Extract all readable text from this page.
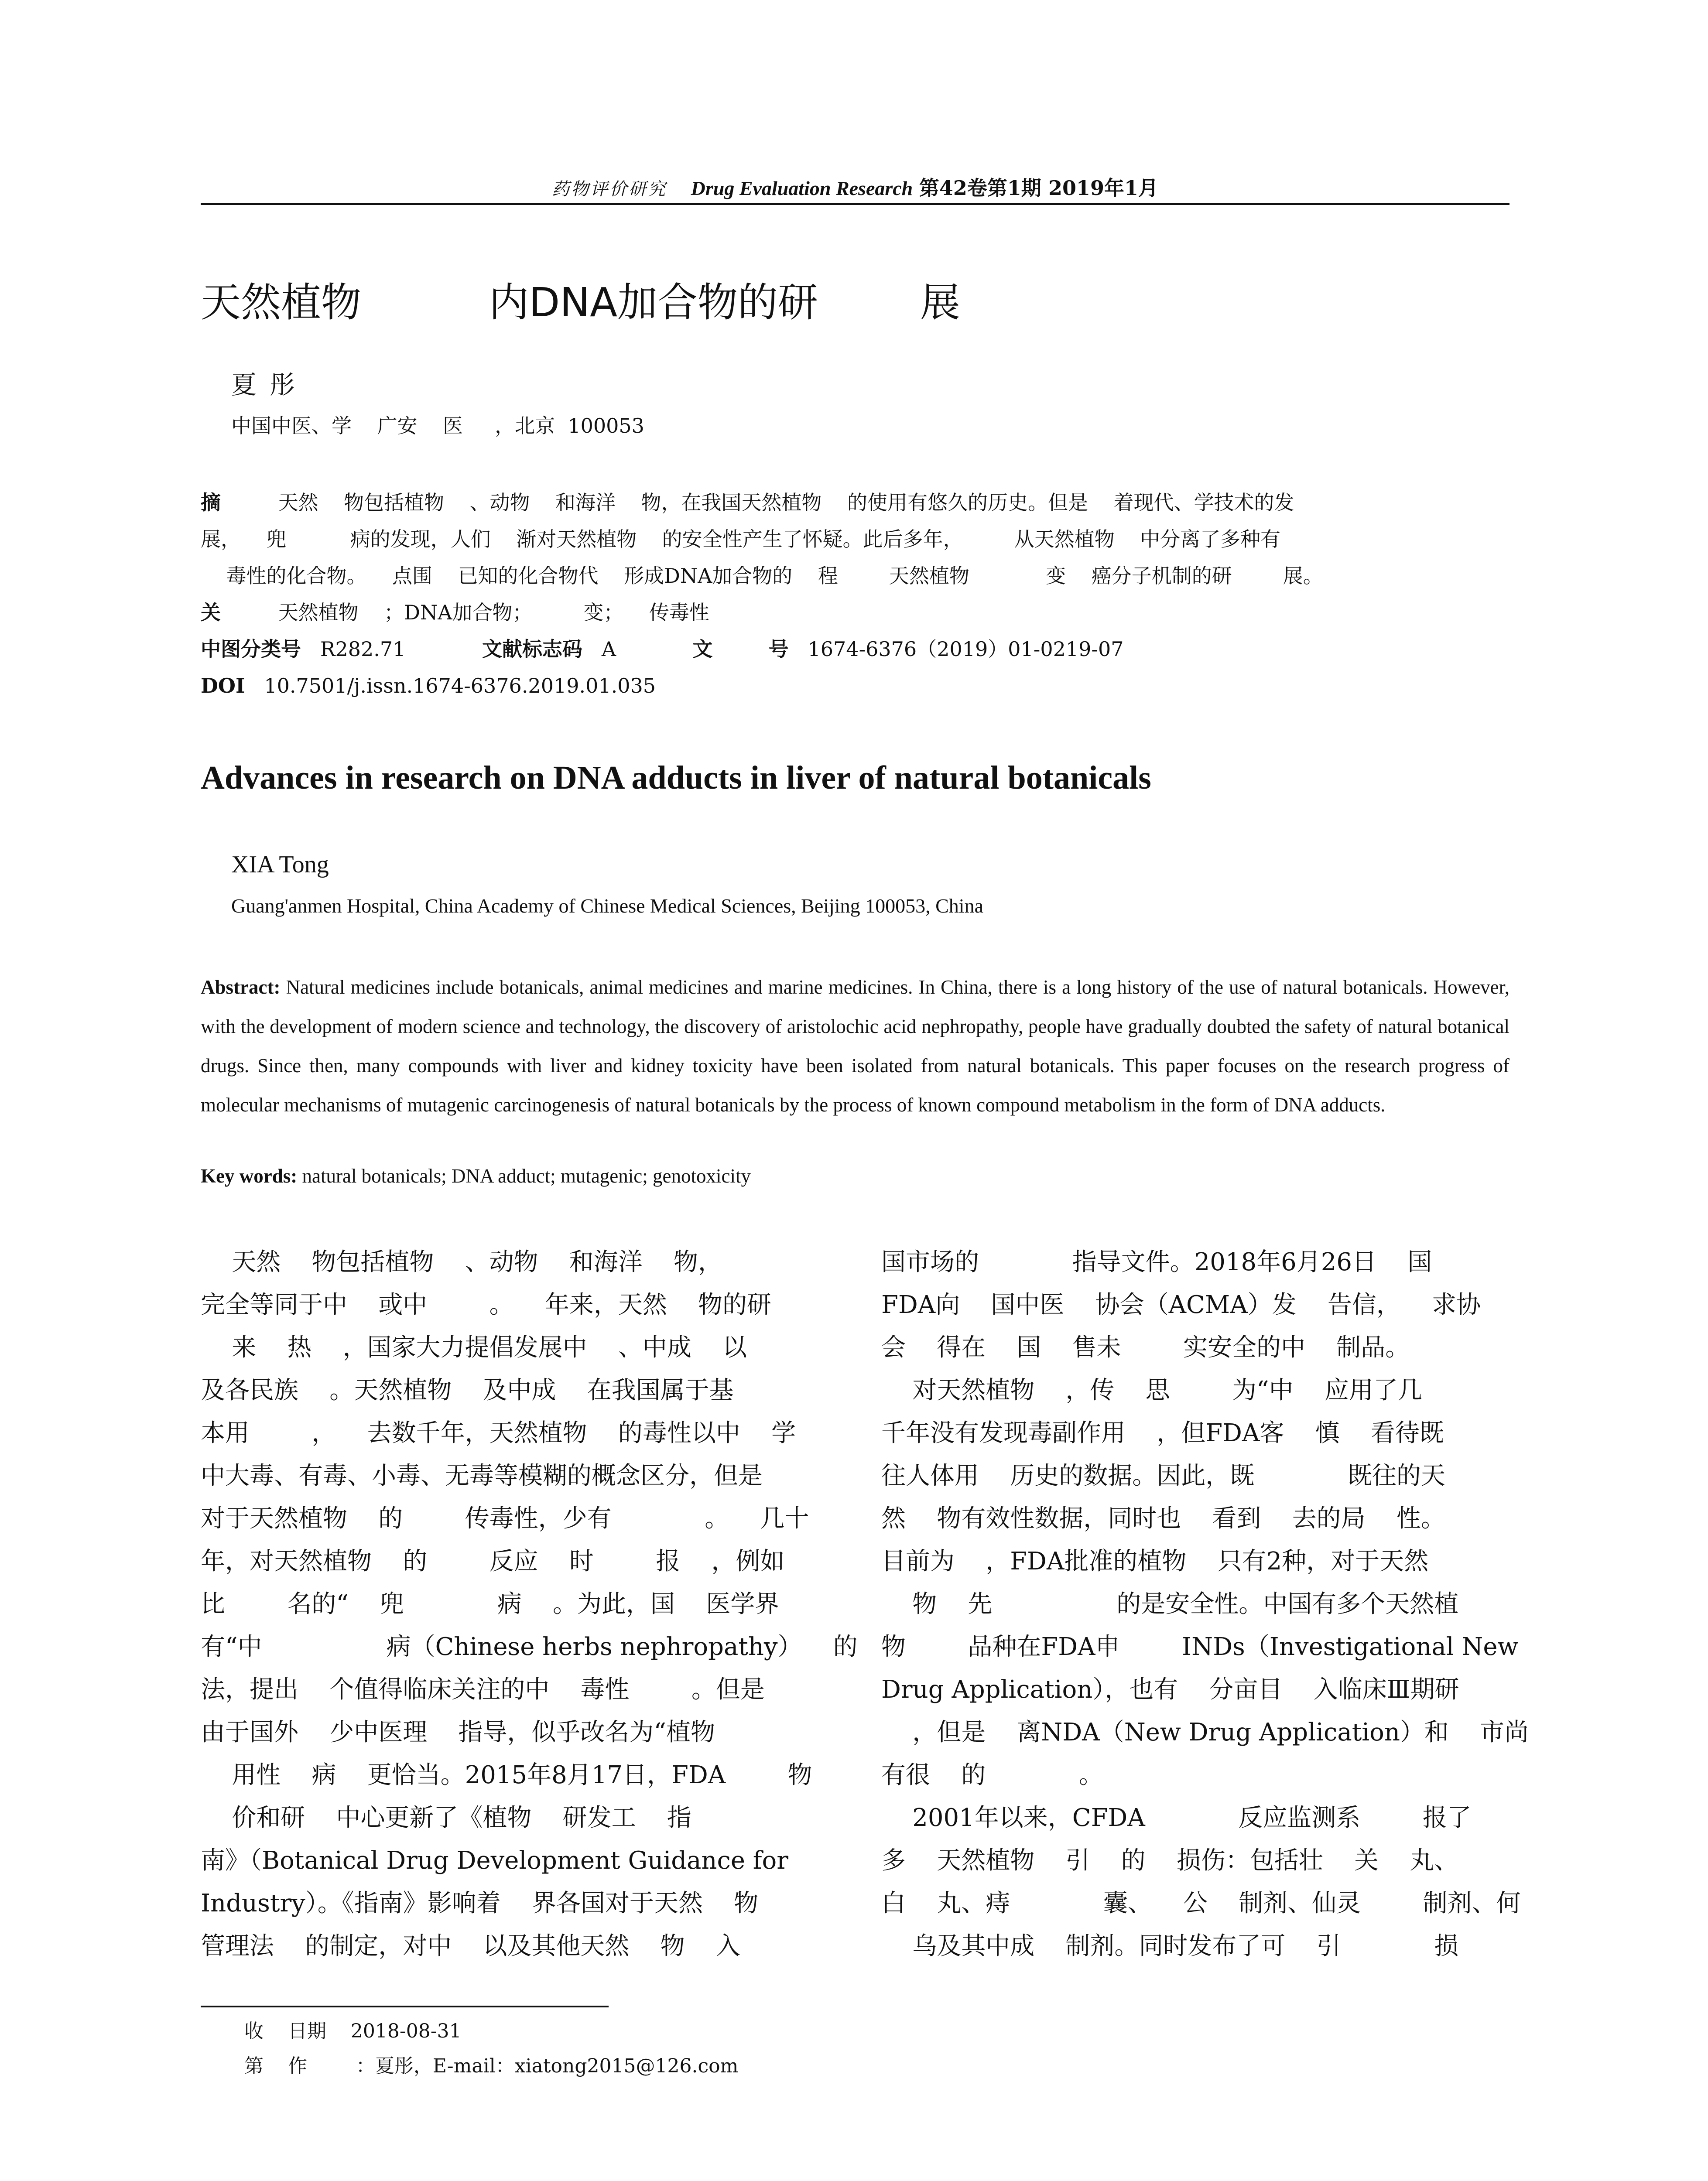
药物评价研究 Drug Evaluation Research 第42卷第1期 2019年1月
天然植物          内DNA加合物的研        展
夏彤
中国中医、学    广安    医     ，北京  100053
摘         天然    物包括植物    、动物    和海洋    物，在我国天然植物    的使用有悠久的历史。但是    着现代、学技术的发
展，    兜          病的发现，人们    渐对天然植物    的安全性产生了怀疑。此后多年，        从天然植物    中分离了多种有
毒性的化合物。    点围    已知的化合物代    形成DNA加合物的    程        天然植物            变    癌分子机制的研        展。
关         天然植物    ；DNA加合物；        变；    传毒性
中图分类号 R282.71	文献标志码 A	文        号 1674-6376（2019）01-0219-07
DOI 10.7501/j.issn.1674-6376.2019.01.035
Advances in research on DNA adducts in liver of natural botanicals
XIA Tong
Guang'anmen Hospital, China Academy of Chinese Medical Sciences, Beijing 100053, China
Abstract: Natural medicines include botanicals, animal medicines and marine medicines. In China, there is a long history of the use of natural botanicals. However, with the development of modern science and technology, the discovery of aristolochic acid nephropathy, people have gradually doubted the safety of natural botanical drugs. Since then, many compounds with liver and kidney toxicity have been isolated from natural botanicals. This paper focuses on the research progress of molecular mechanisms of mutagenic carcinogenesis of natural botanicals by the process of known compound metabolism in the form of DNA adducts.
Key words: natural botanicals; DNA adduct; mutagenic; genotoxicity
天然    物包括植物    、动物    和海洋    物，
完全等同于中    或中        。    年来，天然    物的研
来    热    ，国家大力提倡发展中    、中成    以
及各民族    。天然植物    及中成    在我国属于基
本用        ，    去数千年，天然植物    的毒性以中    学
中大毒、有毒、小毒、无毒等模糊的概念区分，但是
对于天然植物    的        传毒性，少有            。    几十
年，对天然植物    的        反应    时        报    ，例如
比        名的“    兜            病    。为此，国    医学界
有“中                病（Chinese herbs nephropathy）    的
法，提出    个值得临床关注的中    毒性        。但是
由于国外    少中医理    指导，似乎改名为“植物
用性    病    更恰当。2015年8月17日，FDA        物
价和研    中心更新了《植物    研发工    指
南》（Botanical Drug Development Guidance for
Industry）。《指南》影响着    界各国对于天然    物
管理法    的制定，对中    以及其他天然    物    入
国市场的            指导文件。2018年6月26日    国
FDA向    国中医    协会（ACMA）发    告信，    求协
会    得在    国    售未        实安全的中    制品。
对天然植物    ，传    思        为“中    应用了几
千年没有发现毒副作用    ，但FDA客    慎    看待既
往人体用    历史的数据。因此，既            既往的天
然    物有效性数据，同时也    看到    去的局    性。
目前为    ，FDA批准的植物    只有2种，对于天然
物    先                的是安全性。中国有多个天然植
物        品种在FDA申        INDs（Investigational New
Drug Application），也有    分亩目    入临床Ⅲ期研
，但是    离NDA（New Drug Application）和    市尚
有很    的            。
2001年以来，CFDA            反应监测系        报了
多    天然植物    引    的    损伤：包括壮    关    丸、
白    丸、痔            囊、    公    制剂、仙灵        制剂、何
乌及其中成    制剂。同时发布了可    引            损
收    日期    2018-08-31
第    作        ：夏彤，E-mail：xiatong2015@126.com
